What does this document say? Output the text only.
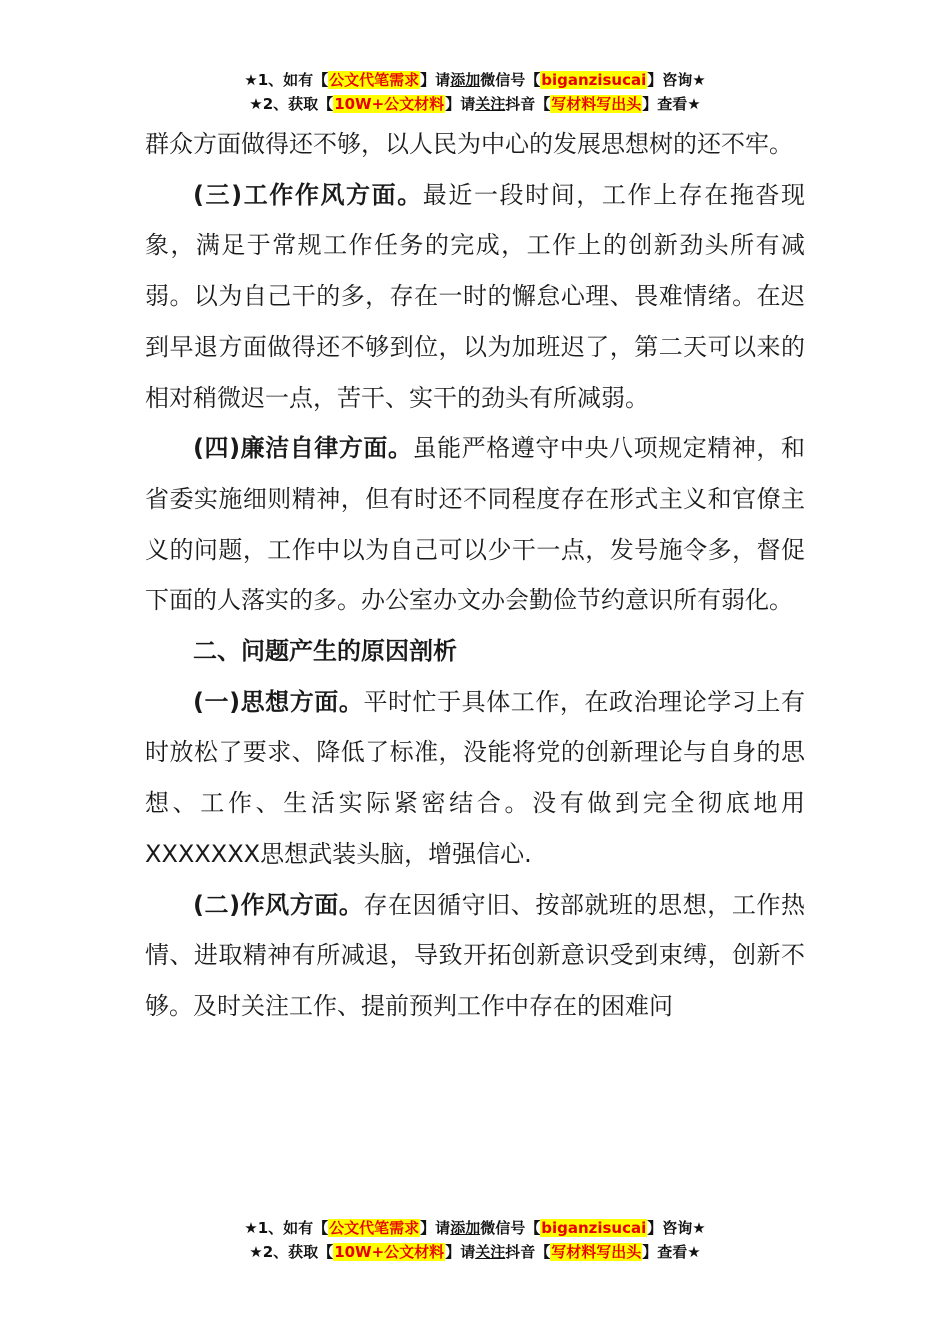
★1、如有【公文代笔需求】请添加微信号【biganzisucai】咨询★
★2、获取【10W+公文材料】请关注抖音【写材料写出头】查看★

群众方面做得还不够，以人民为中心的发展思想树的还不牢。

(三)工作作风方面。最近一段时间，工作上存在拖沓现象，满足于常规工作任务的完成，工作上的创新劲头所有减弱。以为自己干的多，存在一时的懈怠心理、畏难情绪。在迟到早退方面做得还不够到位，以为加班迟了，第二天可以来的相对稍微迟一点，苦干、实干的劲头有所减弱。

(四)廉洁自律方面。虽能严格遵守中央八项规定精神，和省委实施细则精神，但有时还不同程度存在形式主义和官僚主义的问题，工作中以为自己可以少干一点，发号施令多，督促下面的人落实的多。办公室办文办会勤俭节约意识所有弱化。

二、问题产生的原因剖析

(一)思想方面。平时忙于具体工作，在政治理论学习上有时放松了要求、降低了标准，没能将党的创新理论与自身的思想、工作、生活实际紧密结合。没有做到完全彻底地用XXXXXXX思想武装头脑，增强信心.

(二)作风方面。存在因循守旧、按部就班的思想，工作热情、进取精神有所减退，导致开拓创新意识受到束缚，创新不够。及时关注工作、提前预判工作中存在的困难问

★1、如有【公文代笔需求】请添加微信号【biganzisucai】咨询★
★2、获取【10W+公文材料】请关注抖音【写材料写出头】查看★
